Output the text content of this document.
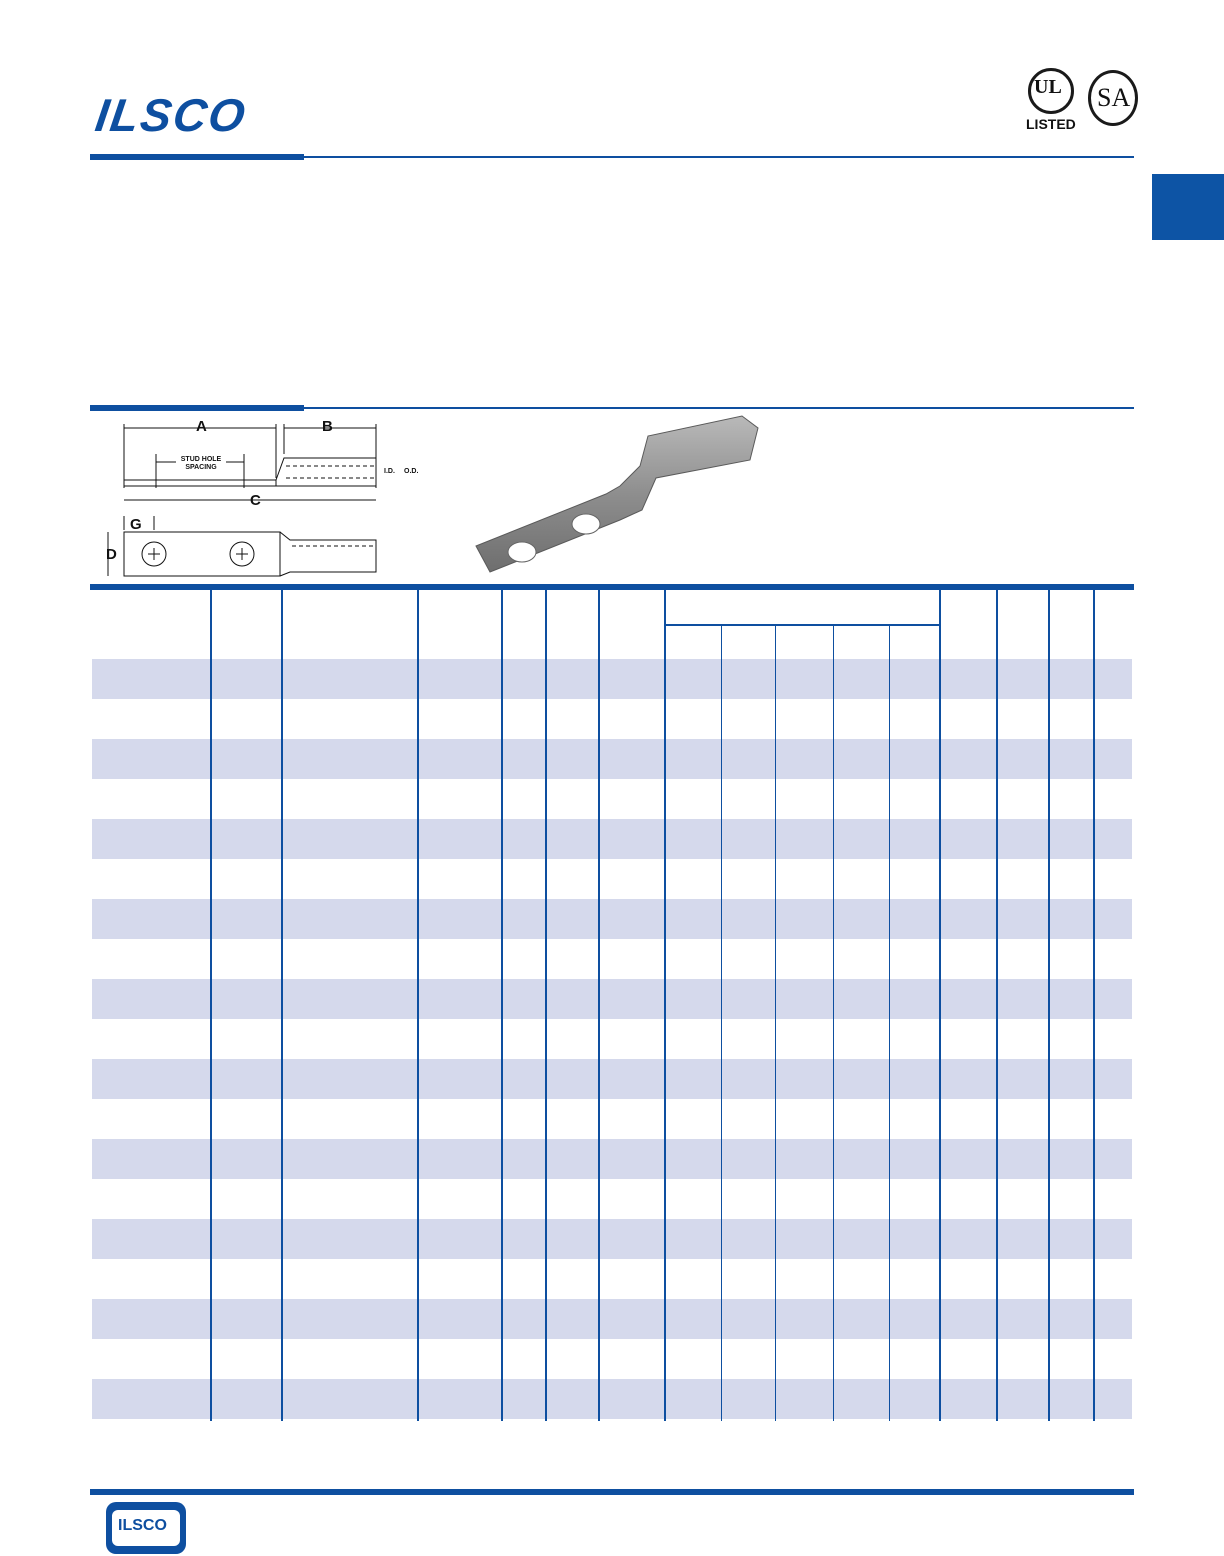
ILSCO
UL
LISTED
SA
A	B
C
G
D
STUD HOLE SPACING
I.D. O.D.
ILSCO
